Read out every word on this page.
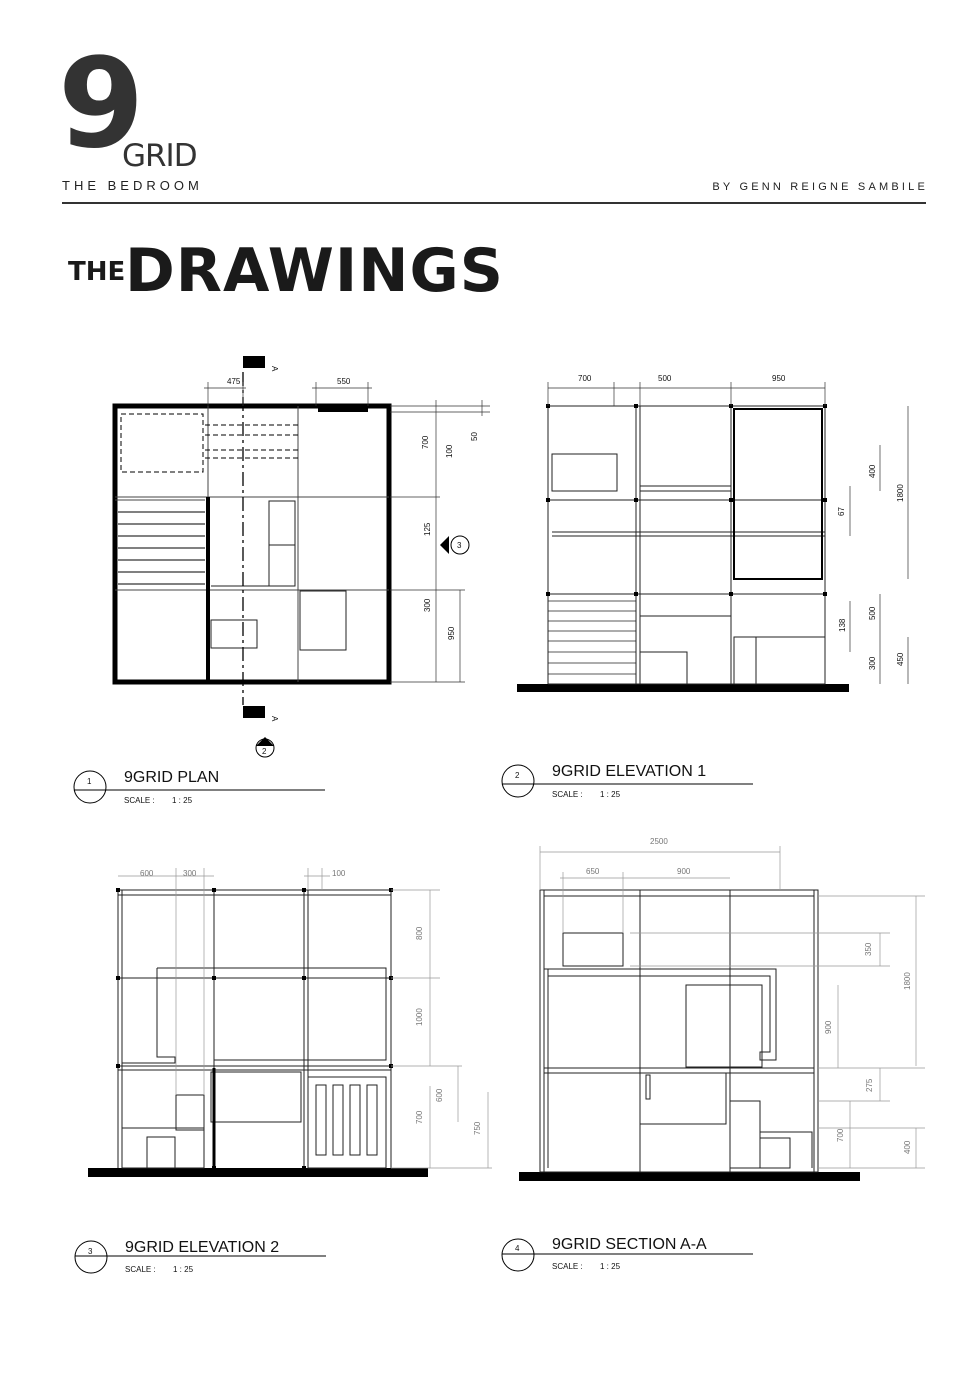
9
GRID
THE BEDROOM	BY GENN REIGNE SAMBILE
THE DRAWINGS
A
A
2
3
475	550
700
100
50
125
300
950
1 9GRID PLAN
SCALE : 1 : 25
700	500	950
400
1800
67
500
138
300 450
2 9GRID ELEVATION 1
SCALE : 1 : 25
600	300	100
800
1000
600
700
750
3 9GRID ELEVATION 2
SCALE : 1 : 25
2500
650	900
350
1800
900
275
700
400
4 9GRID SECTION A-A
SCALE : 1 : 25
